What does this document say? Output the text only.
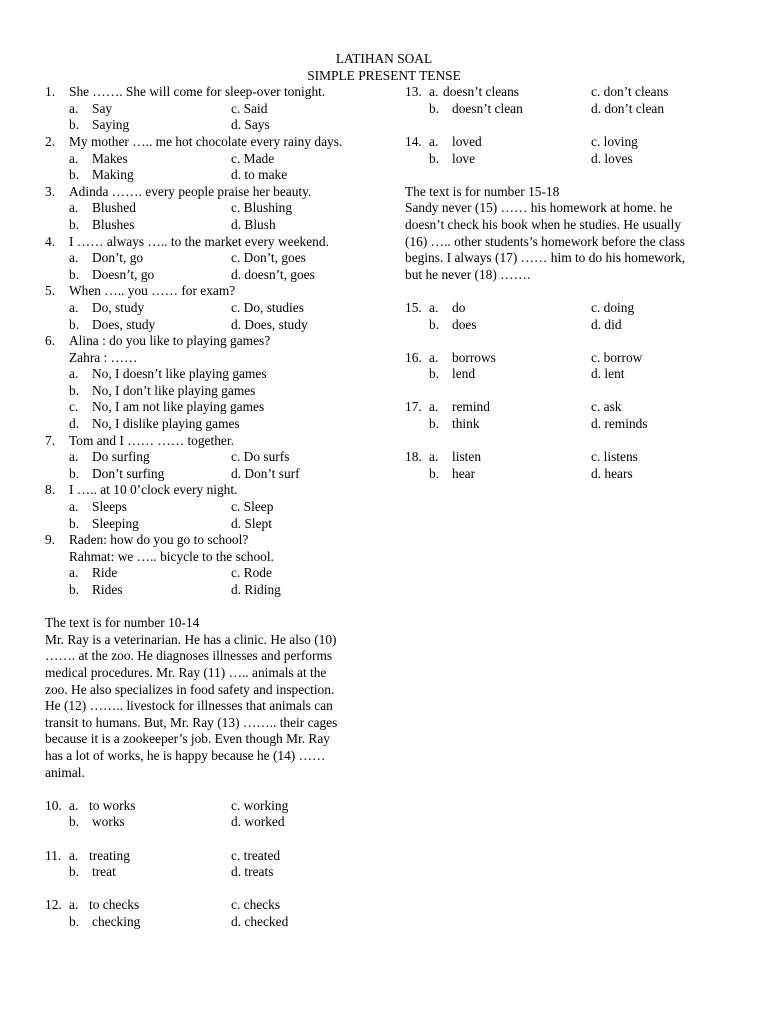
LATIHAN SOAL
SIMPLE PRESENT TENSE
1. She ……. She will come for sleep-over tonight.
a. Say	c. Said
b. Saying	d. Says
2. My mother ….. me hot chocolate every rainy days.
a. Makes	c. Made
b. Making	d. to make
3. Adinda ……. every people praise her beauty.
a. Blushed	c. Blushing
b. Blushes	d. Blush
4. I …… always ….. to the market every weekend.
a. Don’t, go	c. Don’t, goes
b. Doesn’t, go	d. doesn’t, goes
5. When ….. you …… for exam?
a. Do, study	c. Do, studies
b. Does, study	d. Does, study
6. Alina : do you like to playing games?
Zahra : ……
a. No, I doesn’t like playing games
b. No, I don’t like playing games
c. No, I am not like playing games
d. No, I dislike playing games
7. Tom and I …… …… together.
a. Do surfing	c. Do surfs
b. Don’t surfing	d. Don’t surf
8. I ….. at 10 0’clock every night.
a. Sleeps	c. Sleep
b. Sleeping	d. Slept
9. Raden: how do you go to school?
Rahmat: we ….. bicycle to the school.
a. Ride	c. Rode
b. Rides	d. Riding
The text is for number 10-14
Mr. Ray is a veterinarian. He has a clinic. He also (10)
……. at the zoo. He diagnoses illnesses and performs
medical procedures. Mr. Ray (11) ….. animals at the
zoo. He also specializes in food safety and inspection.
He (12) …….. livestock for illnesses that animals can
transit to humans. But, Mr. Ray (13) …….. their cages
because it is a zookeeper’s job. Even though Mr. Ray
has a lot of works, he is happy because he (14) ……
animal.
10. a. to works	c. working
b. works	d. worked
11. a. treating	c. treated
b. treat	d. treats
12. a. to checks	c. checks
b. checking	d. checked
13. a. doesn’t cleans	c. don’t cleans
b. doesn’t clean	d. don’t clean
14. a. loved	c. loving
b. love	d. loves
The text is for number 15-18
Sandy never (15) …… his homework at home. he
doesn’t check his book when he studies. He usually
(16) ….. other students’s homework before the class
begins. I always (17) …… him to do his homework,
but he never (18) …….
15. a. do	c. doing
b. does	d. did
16. a. borrows	c. borrow
b. lend	d. lent
17. a. remind	c. ask
b. think	d. reminds
18. a. listen	c. listens
b. hear	d. hears
